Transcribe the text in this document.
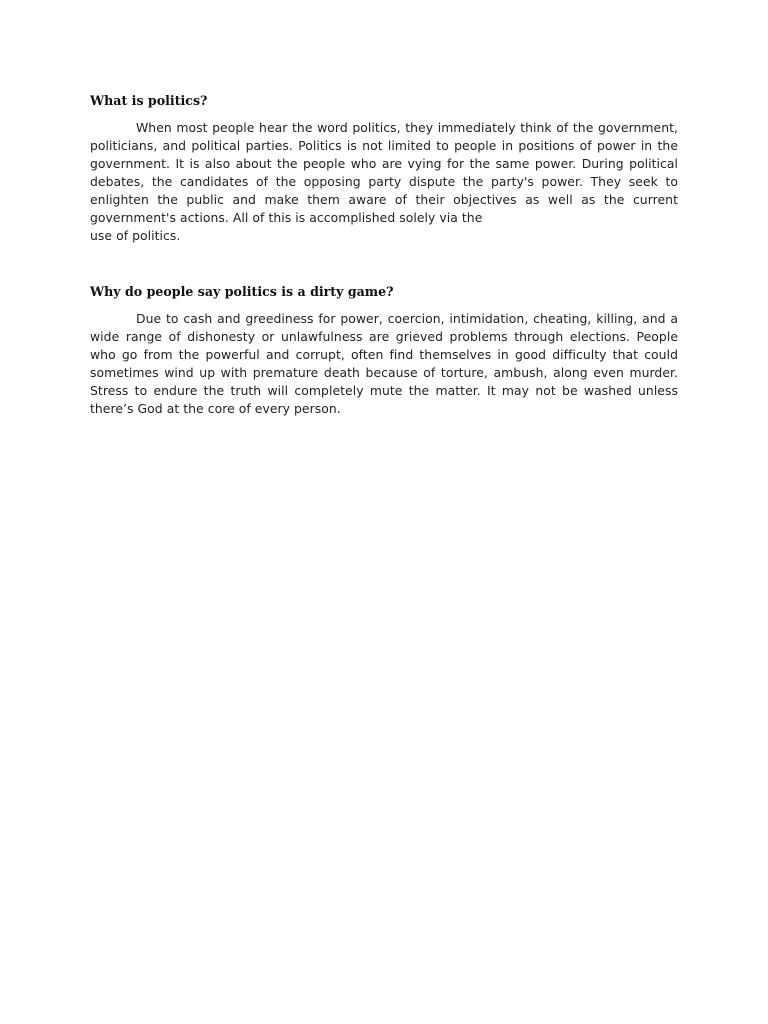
What is politics?

When most people hear the word politics, they immediately think of the government, politicians, and political parties. Politics is not limited to people in positions of power in the government. It is also about the people who are vying for the same power. During political debates, the candidates of the opposing party dispute the party's power. They seek to enlighten the public and make them aware of their objectives as well as the current government's actions. All of this is accomplished solely via the
use of politics.

Why do people say politics is a dirty game?

Due to cash and greediness for power, coercion, intimidation, cheating, killing, and a wide range of dishonesty or unlawfulness are grieved problems through elections. People who go from the powerful and corrupt, often find themselves in good difficulty that could sometimes wind up with premature death because of torture, ambush, along even murder. Stress to endure the truth will completely mute the matter. It may not be washed unless there’s God at the core of every person.
